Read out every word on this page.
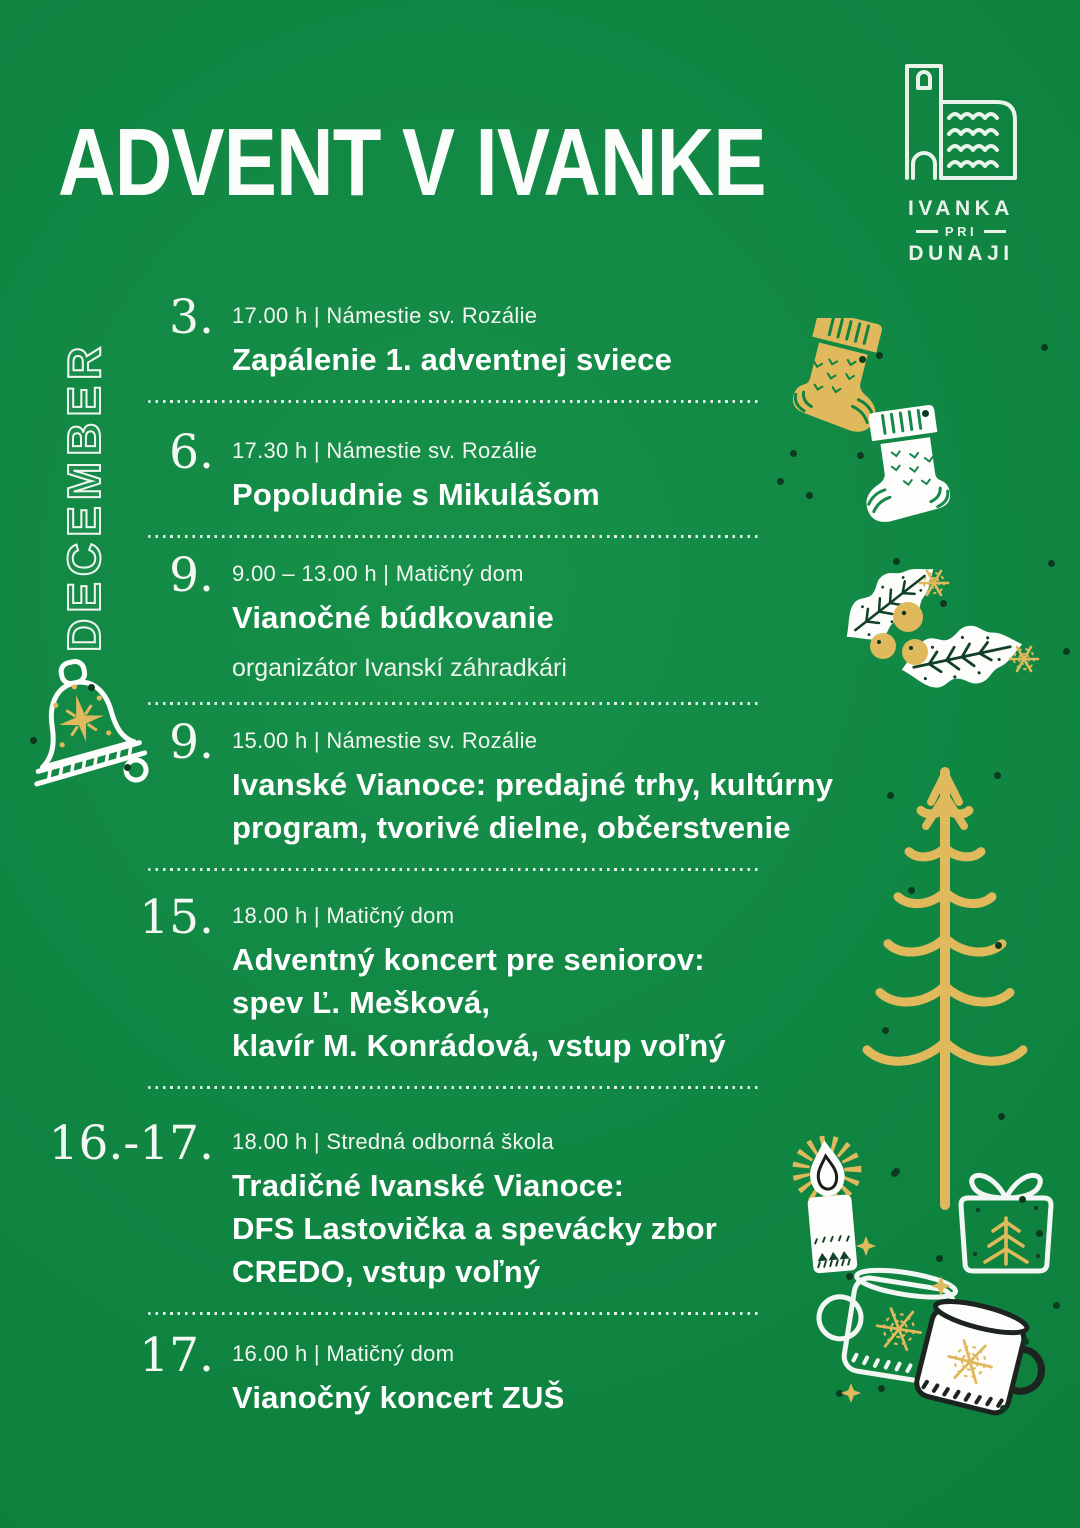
ADVENT V IVANKE	IVANKA
PRI
DUNAJI
DECEMBER
3. 17.00 h | Námestie sv. Rozálie
Zapálenie 1. adventnej sviece
6. 17.30 h | Námestie sv. Rozálie
Popoludnie s Mikulášom
9. 9.00 – 13.00 h | Matičný dom
Vianočné búdkovanie
organizátor Ivanskí záhradkári
9. 15.00 h | Námestie sv. Rozálie
Ivanské Vianoce: predajné trhy, kultúrny
program, tvorivé dielne, občerstvenie
15. 18.00 h | Matičný dom
Adventný koncert pre seniorov:
spev Ľ. Mešková,
klavír M. Konrádová, vstup voľný
16.-17. 18.00 h | Stredná odborná škola
Tradičné Ivanské Vianoce:
DFS Lastovička a spevácky zbor
CREDO, vstup voľný
17. 16.00 h | Matičný dom
Vianočný koncert ZUŠ
